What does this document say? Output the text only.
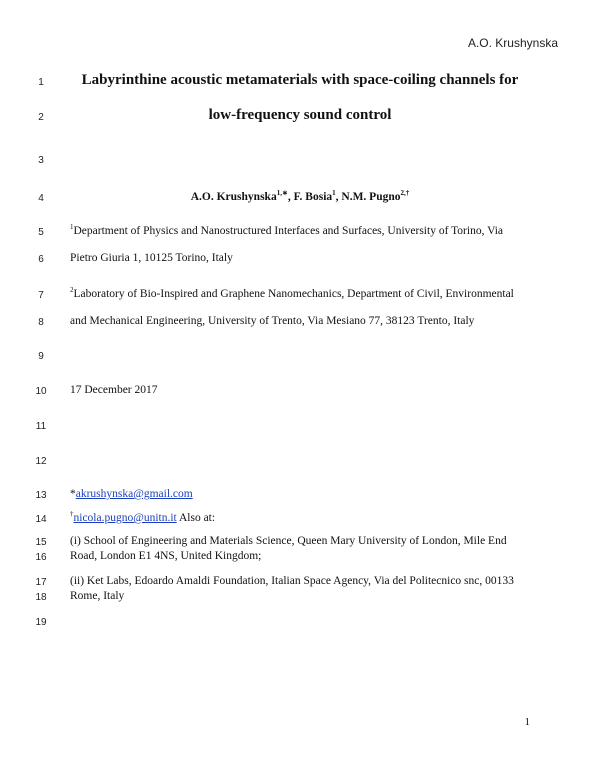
A.O. Krushynska
1
2
3
4
5
6
7
8
9
10
11
12
13
14
15
16
17
18
19
Labyrinthine acoustic metamaterials with space-coiling channels for
low-frequency sound control
A.O. Krushynska$^{1,∗}$, F. Bosia$^1$, N.M. Pugno$^{2,\dagger}$
$^1$Department of Physics and Nanostructured Interfaces and Surfaces, University of Torino, Via
Pietro Giuria 1, 10125 Torino, Italy
$^2$Laboratory of Bio-Inspired and Graphene Nanomechanics, Department of Civil, Environmental
and Mechanical Engineering, University of Trento, Via Mesiano 77, 38123 Trento, Italy
17 December 2017
*akrushynska@gmail.com
†nicola.pugno@unitn.it Also at:
(i) School of Engineering and Materials Science, Queen Mary University of London, Mile End
Road, London E1 4NS, United Kingdom;
(ii) Ket Labs, Edoardo Amaldi Foundation, Italian Space Agency, Via del Politecnico snc, 00133
Rome, Italy
1
